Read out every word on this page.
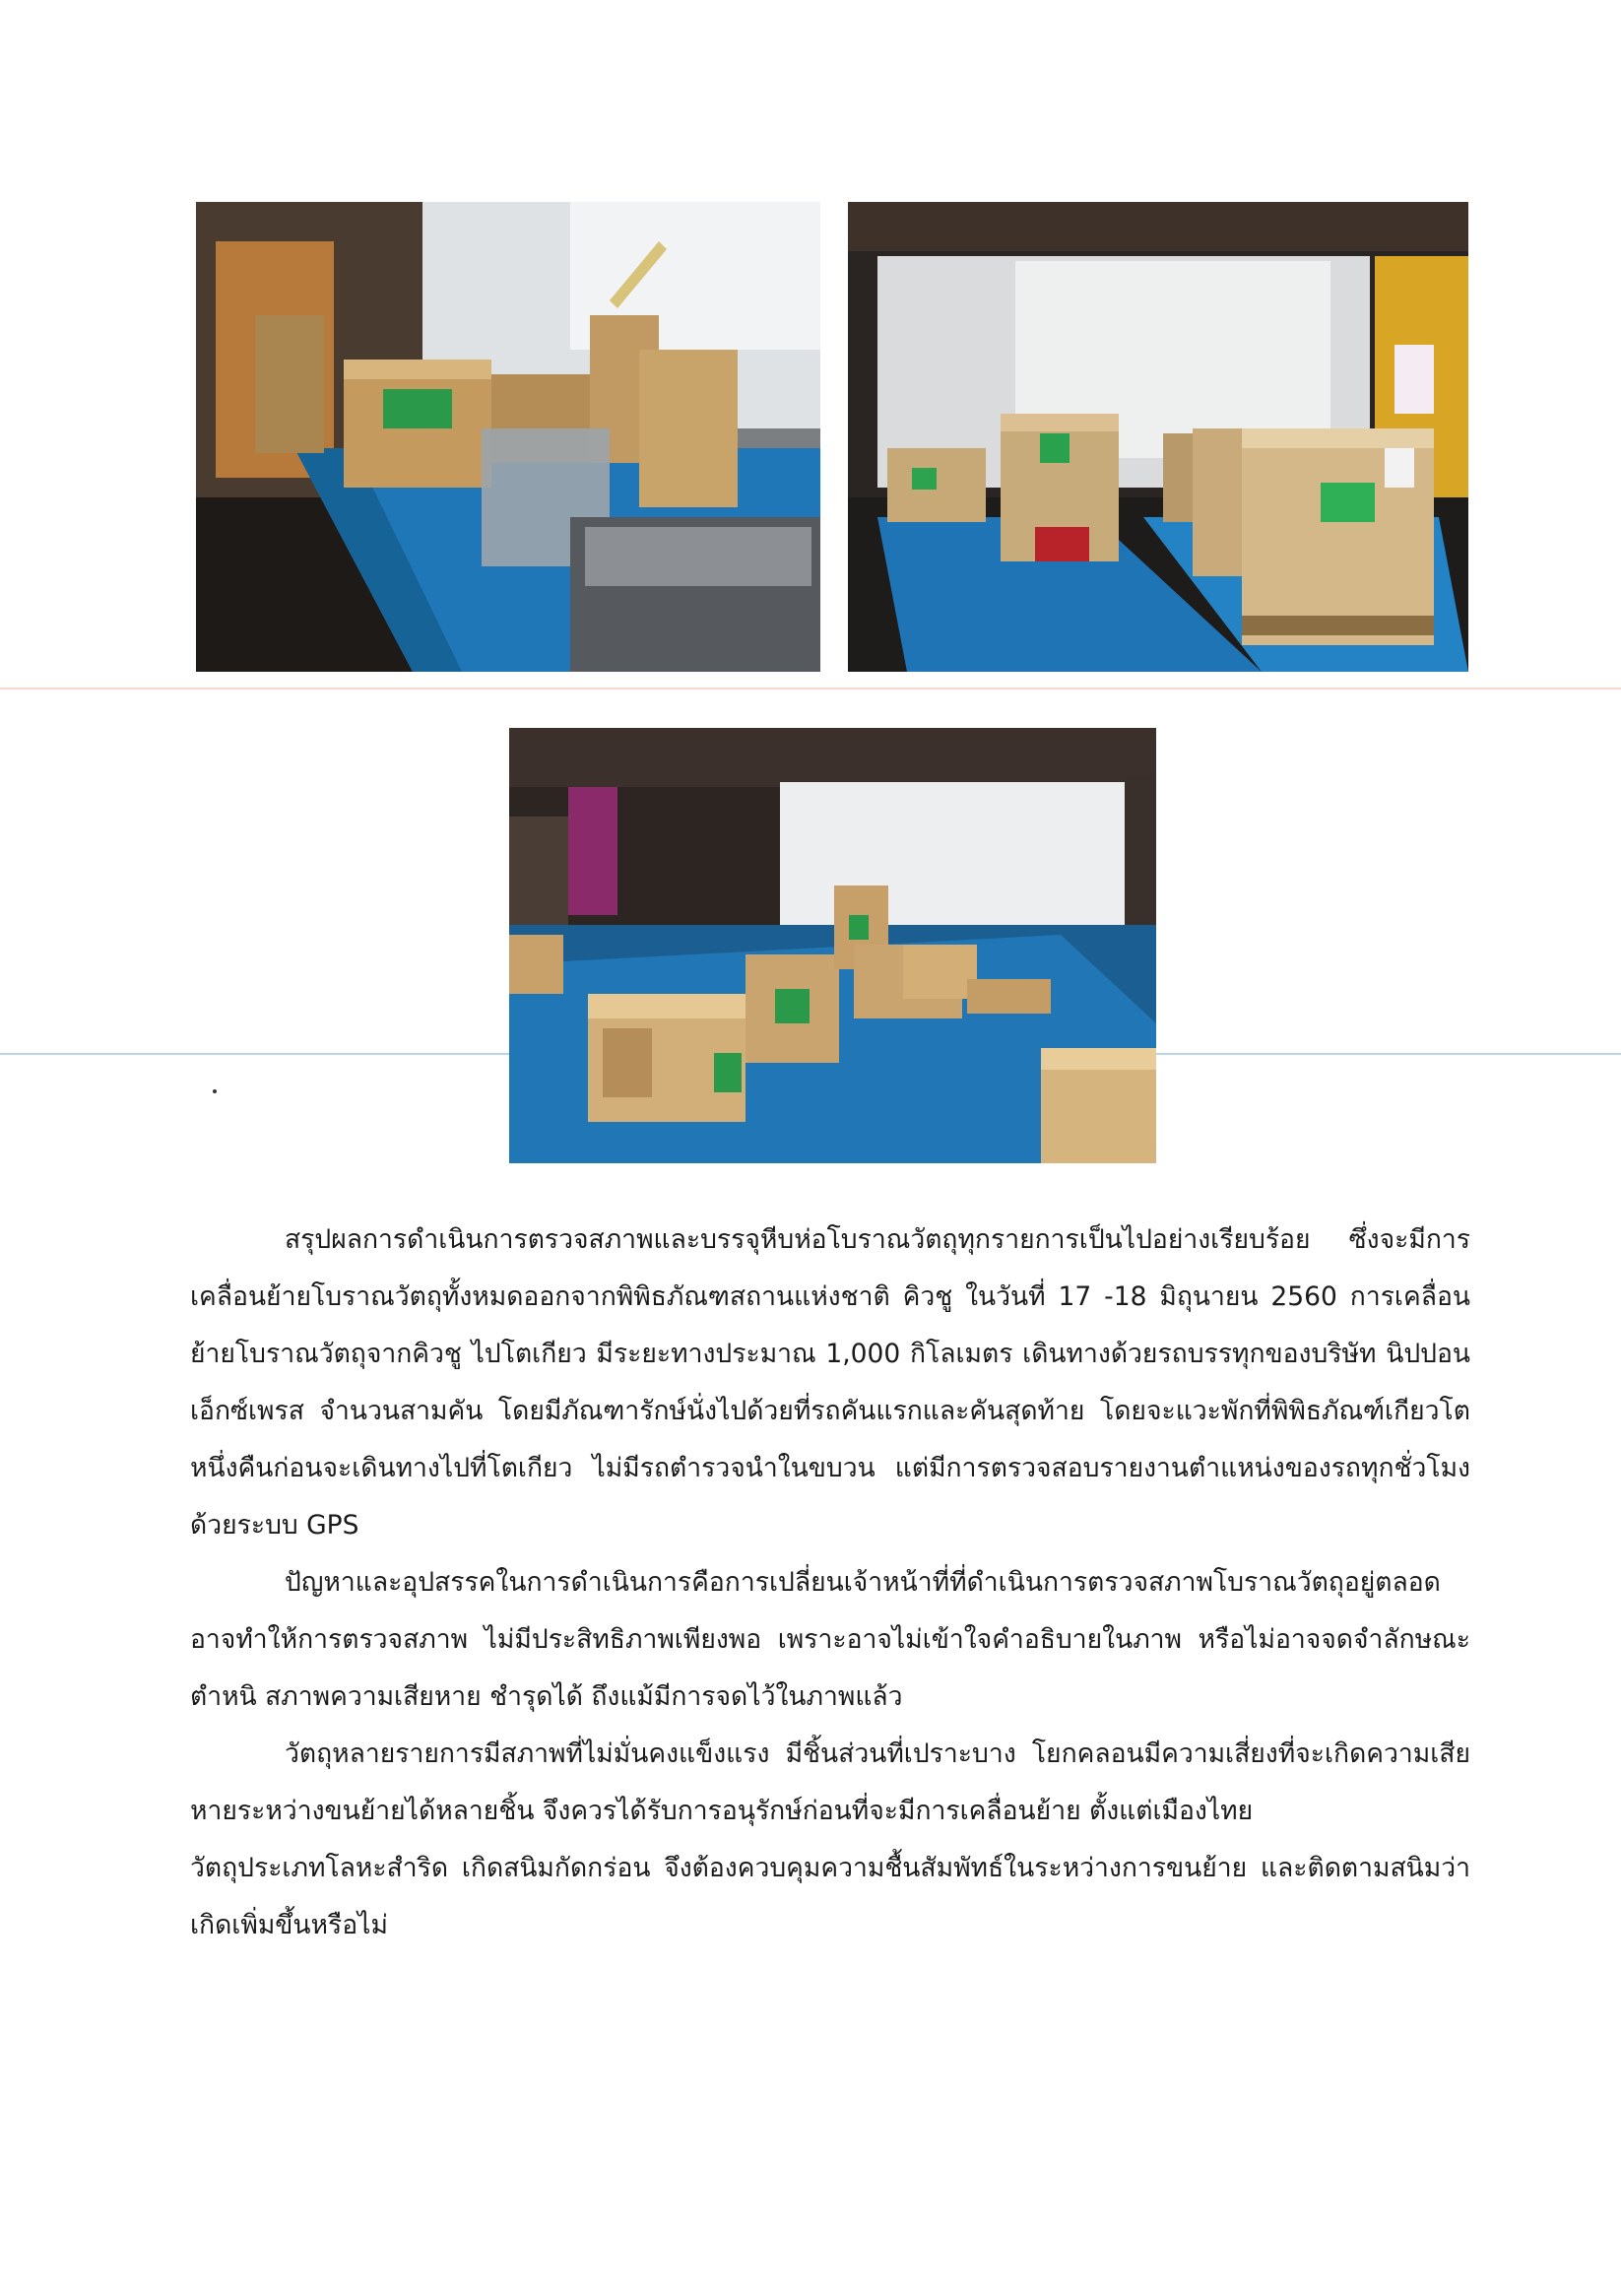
สรุปผลการดำเนินการตรวจสภาพและบรรจุหีบห่อโบราณวัตถุทุกรายการเป็นไปอย่างเรียบร้อย ซึ่งจะมีการเคลื่อนย้ายโบราณวัตถุทั้งหมดออกจากพิพิธภัณฑสถานแห่งชาติ คิวชู ในวันที่ 17 -18 มิถุนายน 2560 การเคลื่อนย้ายโบราณวัตถุจากคิวชู ไปโตเกียว มีระยะทางประมาณ 1,000 กิโลเมตร เดินทางด้วยรถบรรทุกของบริษัท นิปปอน เอ็กซ์เพรส จำนวนสามคัน โดยมีภัณฑารักษ์นั่งไปด้วยที่รถคันแรกและคันสุดท้าย โดยจะแวะพักที่พิพิธภัณฑ์เกียวโตหนึ่งคืนก่อนจะเดินทางไปที่โตเกียว ไม่มีรถตำรวจนำในขบวน แต่มีการตรวจสอบรายงานตำแหน่งของรถทุกชั่วโมง ด้วยระบบ GPS

ปัญหาและอุปสรรคในการดำเนินการคือการเปลี่ยนเจ้าหน้าที่ที่ดำเนินการตรวจสภาพโบราณวัตถุอยู่ตลอด อาจทำให้การตรวจสภาพ ไม่มีประสิทธิภาพเพียงพอ เพราะอาจไม่เข้าใจคำอธิบายในภาพ หรือไม่อาจจดจำลักษณะตำหนิ สภาพความเสียหาย ชำรุดได้ ถึงแม้มีการจดไว้ในภาพแล้ว

วัตถุหลายรายการมีสภาพที่ไม่มั่นคงแข็งแรง มีชิ้นส่วนที่เปราะบาง โยกคลอนมีความเสี่ยงที่จะเกิดความเสียหายระหว่างขนย้ายได้หลายชิ้น จึงควรได้รับการอนุรักษ์ก่อนที่จะมีการเคลื่อนย้าย ตั้งแต่เมืองไทย

วัตถุประเภทโลหะสำริด เกิดสนิมกัดกร่อน จึงต้องควบคุมความชื้นสัมพัทธ์ในระหว่างการขนย้าย และติดตามสนิมว่าเกิดเพิ่มขึ้นหรือไม่
